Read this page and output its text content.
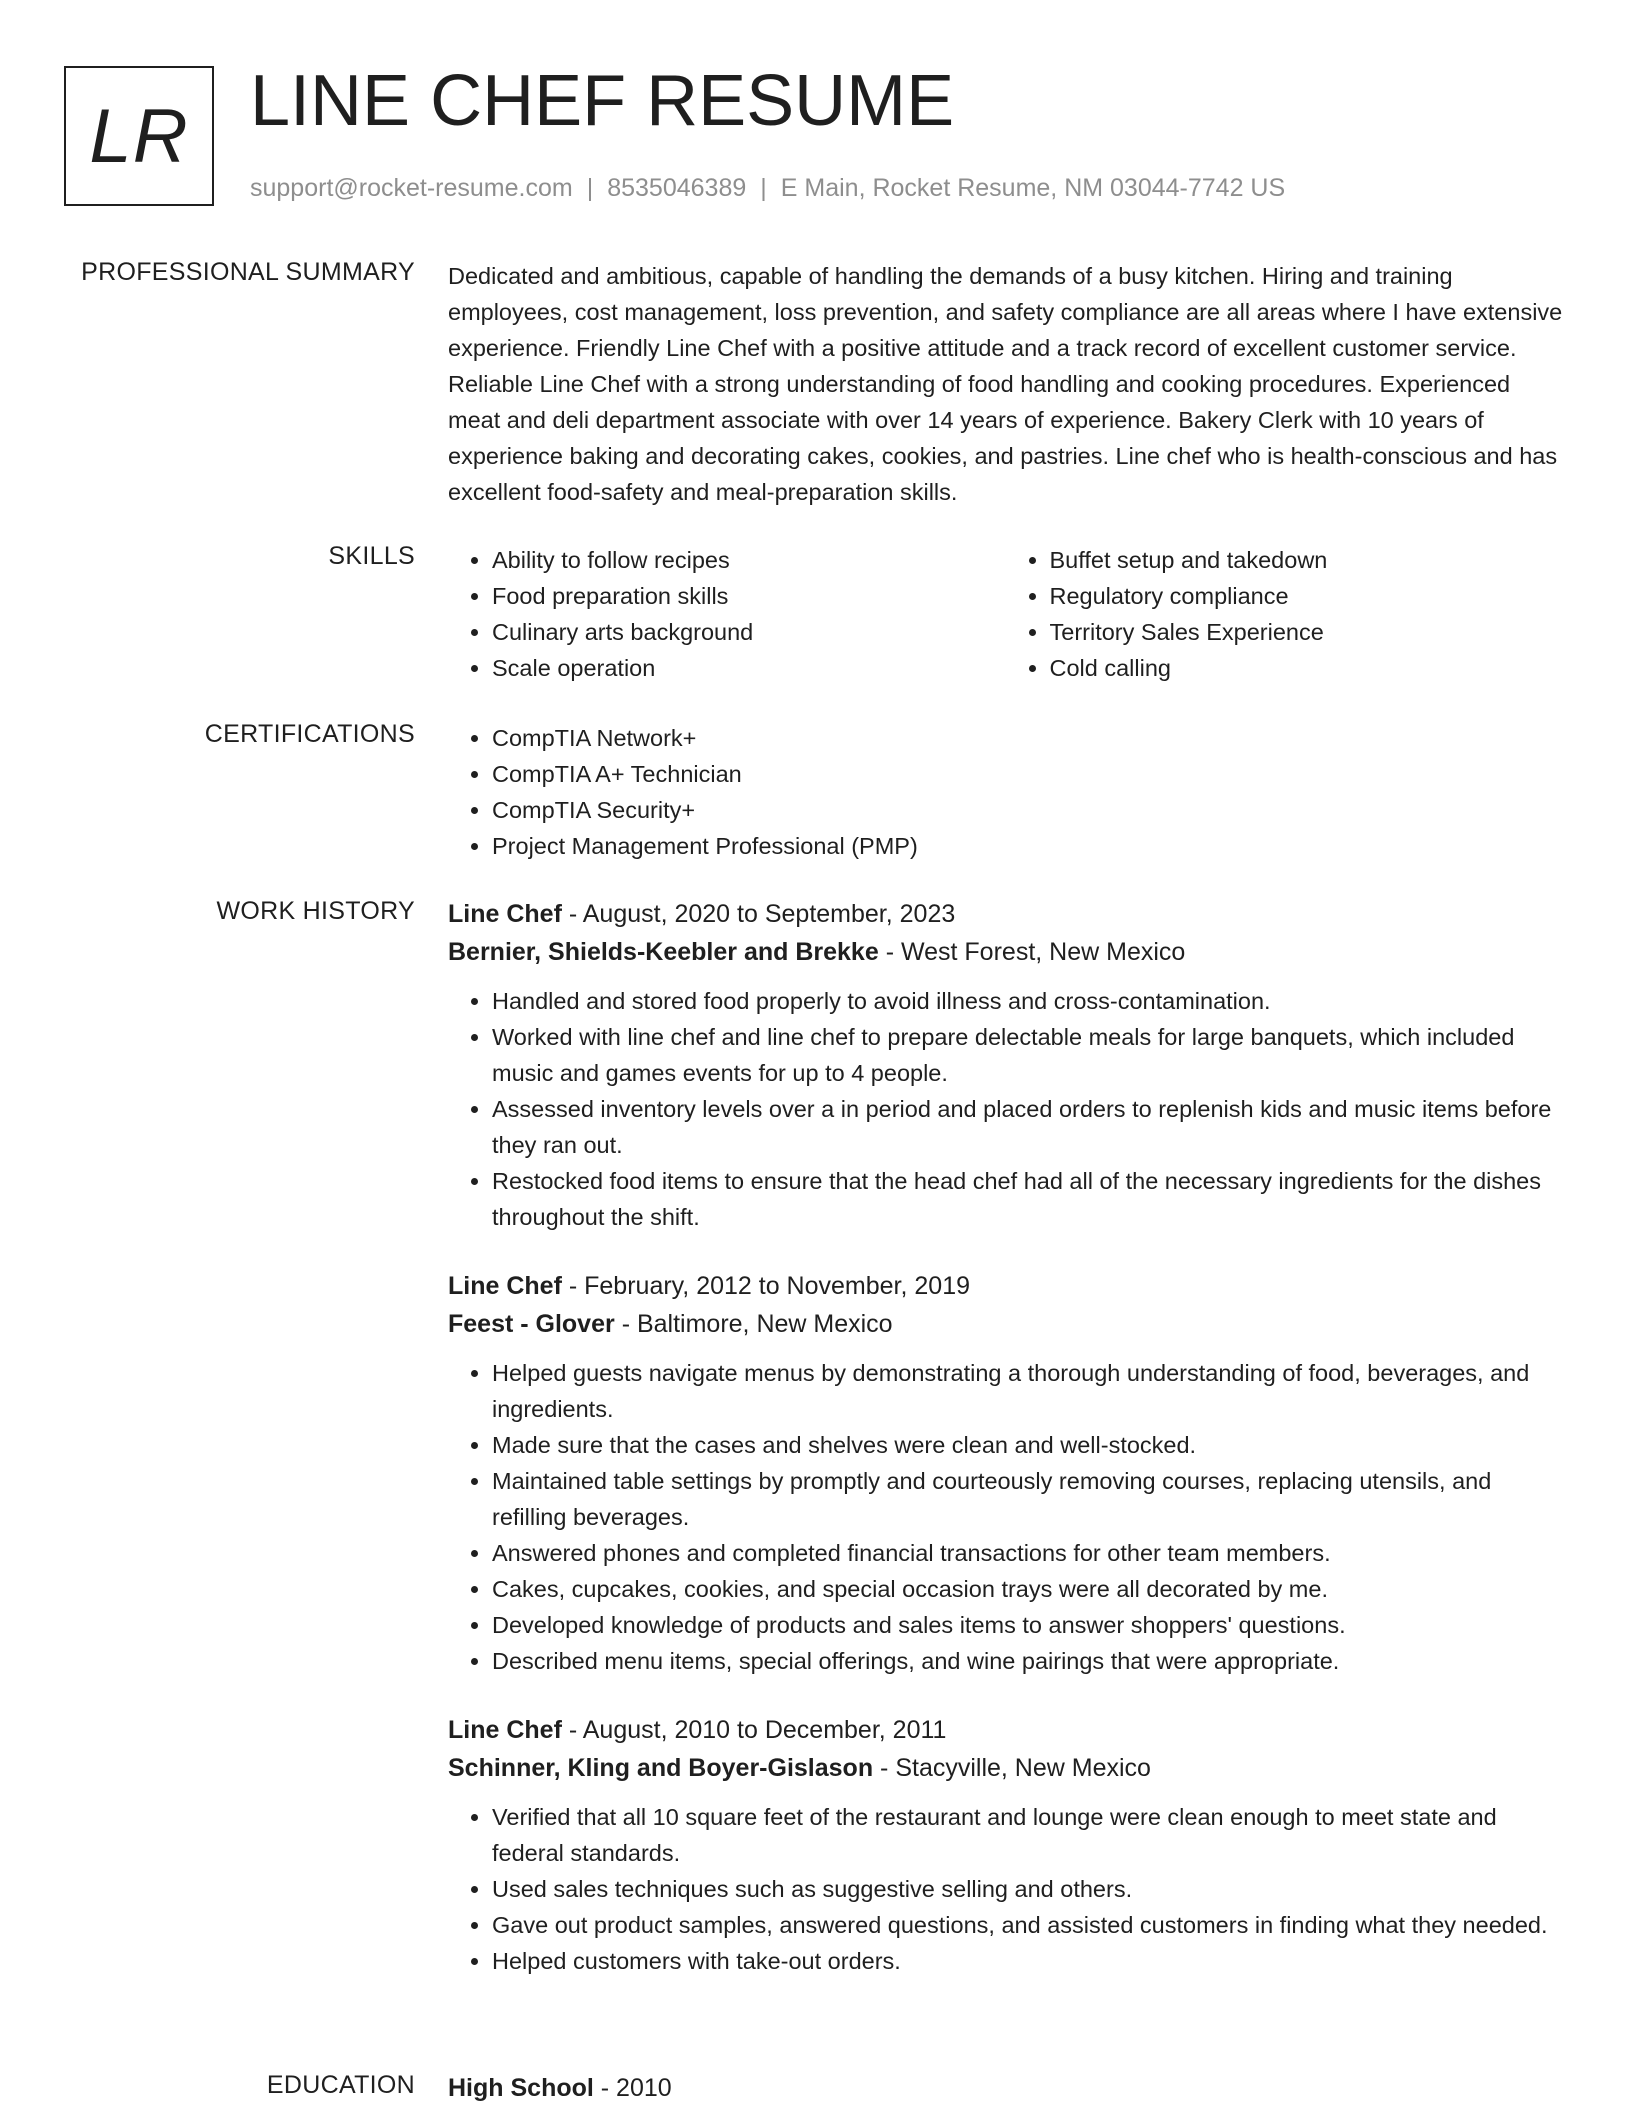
LR LINE CHEF RESUME
support@rocket-resume.com | 8535046389 | E Main, Rocket Resume, NM 03044-7742 US
PROFESSIONAL SUMMARY Dedicated and ambitious, capable of handling the demands of a busy kitchen. Hiring and training employees, cost management, loss prevention, and safety compliance are all areas where I have extensive experience. Friendly Line Chef with a positive attitude and a track record of excellent customer service. Reliable Line Chef with a strong understanding of food handling and cooking procedures. Experienced meat and deli department associate with over 14 years of experience. Bakery Clerk with 10 years of experience baking and decorating cakes, cookies, and pastries. Line chef who is health-conscious and has excellent food-safety and meal-preparation skills.

SKILLS	• Ability to follow recipes
• Food preparation skills
• Culinary arts background
• Scale operation
• Buffet setup and takedown
• Regulatory compliance
• Territory Sales Experience
• Cold calling
CERTIFICATIONS	• CompTIA Network+
• CompTIA A+ Technician
• CompTIA Security+
• Project Management Professional (PMP)
WORK HISTORY Line Chef - August, 2020 to September, 2023
Bernier, Shields-Keebler and Brekke - West Forest, New Mexico
• Handled and stored food properly to avoid illness and cross-contamination.
• Worked with line chef and line chef to prepare delectable meals for large banquets, which included music and games events for up to 4 people.
• Assessed inventory levels over a in period and placed orders to replenish kids and music items before they ran out.
• Restocked food items to ensure that the head chef had all of the necessary ingredients for the dishes throughout the shift.
Line Chef - February, 2012 to November, 2019
Feest - Glover - Baltimore, New Mexico
• Helped guests navigate menus by demonstrating a thorough understanding of food, beverages, and ingredients.
• Made sure that the cases and shelves were clean and well-stocked.
• Maintained table settings by promptly and courteously removing courses, replacing utensils, and refilling beverages.
• Answered phones and completed financial transactions for other team members.
• Cakes, cupcakes, cookies, and special occasion trays were all decorated by me.
• Developed knowledge of products and sales items to answer shoppers' questions.
• Described menu items, special offerings, and wine pairings that were appropriate.
Line Chef - August, 2010 to December, 2011
Schinner, Kling and Boyer-Gislason - Stacyville, New Mexico
• Verified that all 10 square feet of the restaurant and lounge were clean enough to meet state and federal standards.
• Used sales techniques such as suggestive selling and others.
• Gave out product samples, answered questions, and assisted customers in finding what they needed.
• Helped customers with take-out orders.
EDUCATION High School - 2010
